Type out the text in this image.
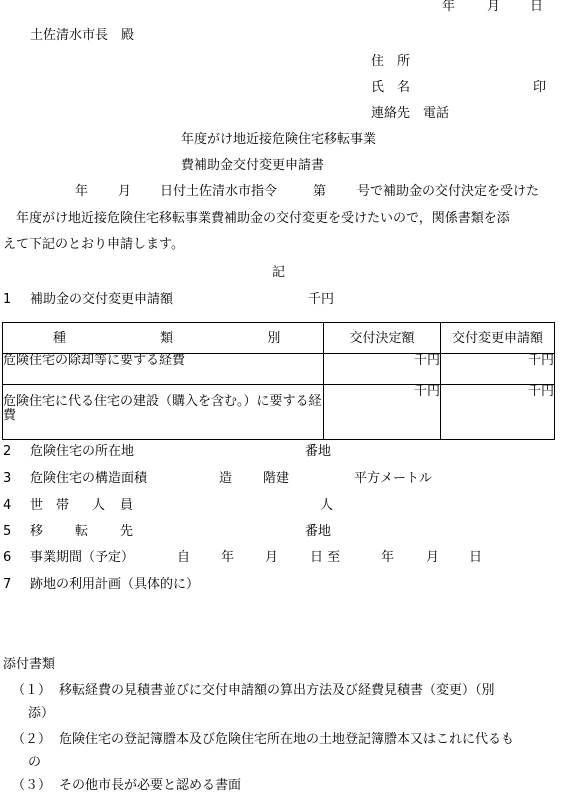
年 月 日
土佐清水市長　殿
住　所
氏　名	印
連絡先　電話
年度がけ地近接危険住宅移転事業
費補助金交付変更申請書
年 月 日付土佐清水市指令	第 号で補助金の交付決定を受けた
年度がけ地近接危険住宅移転事業費補助金の交付変更を受けたいので，関係書類を添
えて下記のとおり申請します。
記
1 補助金の交付変更申請額	千円
種 類 別	交付決定額	交付変更申請額
危険住宅の除却等に要する経費	千円	千円
危険住宅に代る住宅の建設（購入を含む。）に要する経費	千円	千円
2 危険住宅の所在地	番地
3 危険住宅の構造面積	造 階建	平方メートル
4 世 帯 人 員	人
5 移 転 先	番地
6 事業期間（予定）	自 年 月 日 至	年 月 日
7 跡地の利用計画（具体的に）
添付書類
（１） 移転経費の見積書並びに交付申請額の算出方法及び経費見積書（変更）（別
添）
（２） 危険住宅の登記簿謄本及び危険住宅所在地の土地登記簿謄本又はこれに代るも
の
（３） その他市長が必要と認める書面
